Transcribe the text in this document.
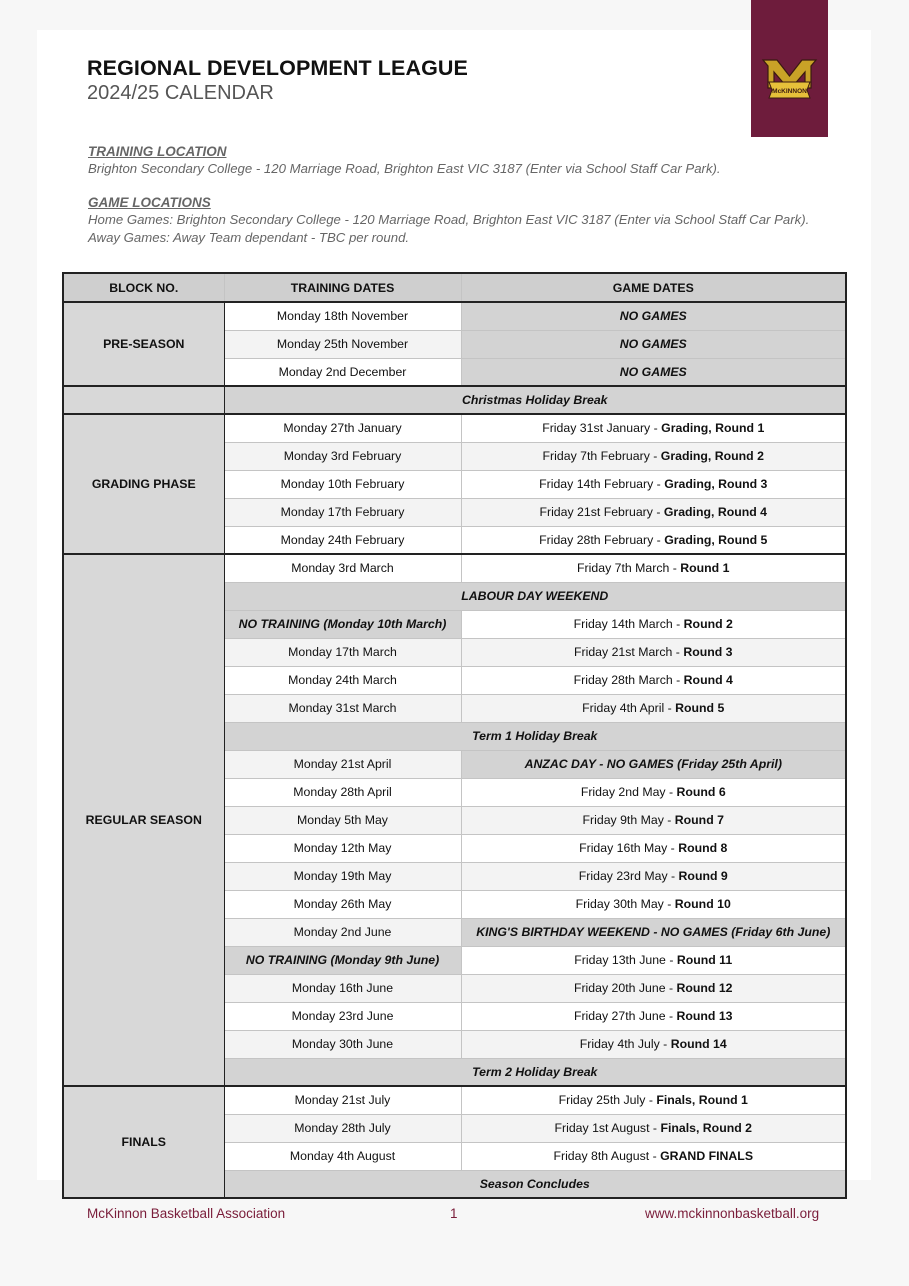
REGIONAL DEVELOPMENT LEAGUE
2024/25 CALENDAR	McKINNON
TRAINING LOCATION
Brighton Secondary College - 120 Marriage Road, Brighton East VIC 3187 (Enter via School Staff Car Park).
GAME LOCATIONS
Home Games: Brighton Secondary College - 120 Marriage Road, Brighton East VIC 3187 (Enter via School Staff Car Park).
Away Games: Away Team dependant - TBC per round.
BLOCK NO.	TRAINING DATES	GAME DATES
PRE-SEASON	Monday 18th November	NO GAMES
	Monday 25th November	NO GAMES
	Monday 2nd December	NO GAMES
	Christmas Holiday Break	
GRADING PHASE	Monday 27th January	Friday 31st January - Grading, Round 1
	Monday 3rd February	Friday 7th February - Grading, Round 2
	Monday 10th February	Friday 14th February - Grading, Round 3
	Monday 17th February	Friday 21st February - Grading, Round 4
	Monday 24th February	Friday 28th February - Grading, Round 5
REGULAR SEASON	Monday 3rd March	Friday 7th March - Round 1
	LABOUR DAY WEEKEND	
	NO TRAINING (Monday 10th March)	Friday 14th March - Round 2
	Monday 17th March	Friday 21st March - Round 3
	Monday 24th March	Friday 28th March - Round 4
	Monday 31st March	Friday 4th April - Round 5
	Term 1 Holiday Break	
	Monday 21st April	ANZAC DAY - NO GAMES (Friday 25th April)
	Monday 28th April	Friday 2nd May - Round 6
	Monday 5th May	Friday 9th May - Round 7
	Monday 12th May	Friday 16th May - Round 8
	Monday 19th May	Friday 23rd May - Round 9
	Monday 26th May	Friday 30th May - Round 10
	Monday 2nd June	KING'S BIRTHDAY WEEKEND - NO GAMES (Friday 6th June)
	NO TRAINING (Monday 9th June)	Friday 13th June - Round 11
	Monday 16th June	Friday 20th June - Round 12
	Monday 23rd June	Friday 27th June - Round 13
	Monday 30th June	Friday 4th July - Round 14
	Term 2 Holiday Break	
FINALS	Monday 21st July	Friday 25th July - Finals, Round 1
	Monday 28th July	Friday 1st August - Finals, Round 2
	Monday 4th August	Friday 8th August - GRAND FINALS
	Season Concludes	
McKinnon Basketball Association	1	www.mckinnonbasketball.org
